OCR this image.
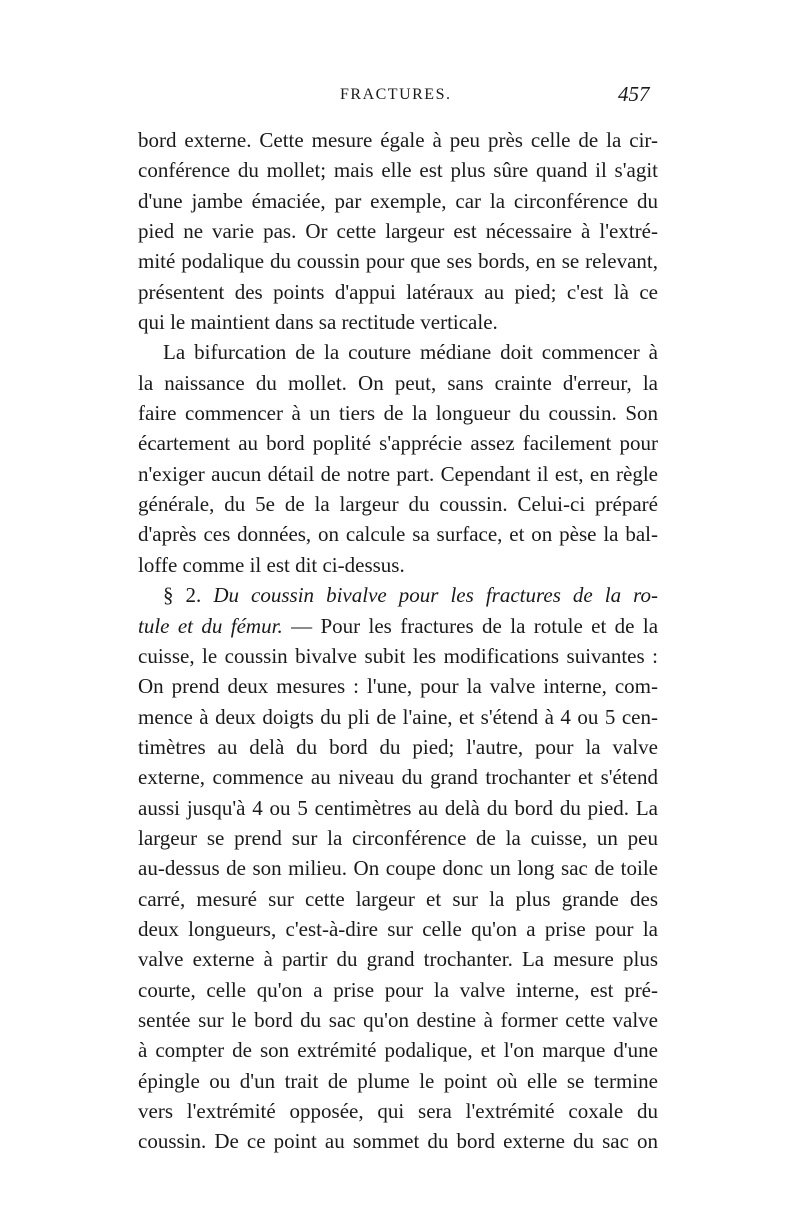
FRACTURES.	457
bord externe. Cette mesure égale à peu près celle de la cir-
conférence du mollet; mais elle est plus sûre quand il s'agit
d'une jambe émaciée, par exemple, car la circonférence du
pied ne varie pas. Or cette largeur est nécessaire à l'extré-
mité podalique du coussin pour que ses bords, en se relevant,
présentent des points d'appui latéraux au pied; c'est là ce
qui le maintient dans sa rectitude verticale.
La bifurcation de la couture médiane doit commencer à
la naissance du mollet. On peut, sans crainte d'erreur, la
faire commencer à un tiers de la longueur du coussin. Son
écartement au bord poplité s'apprécie assez facilement pour
n'exiger aucun détail de notre part. Cependant il est, en règle
générale, du 5e de la largeur du coussin. Celui-ci préparé
d'après ces données, on calcule sa surface, et on pèse la bal-
loffe comme il est dit ci-dessus.
§ 2. Du coussin bivalve pour les fractures de la ro-
tule et du fémur. — Pour les fractures de la rotule et de la
cuisse, le coussin bivalve subit les modifications suivantes :
On prend deux mesures : l'une, pour la valve interne, com-
mence à deux doigts du pli de l'aine, et s'étend à 4 ou 5 cen-
timètres au delà du bord du pied; l'autre, pour la valve
externe, commence au niveau du grand trochanter et s'étend
aussi jusqu'à 4 ou 5 centimètres au delà du bord du pied. La
largeur se prend sur la circonférence de la cuisse, un peu
au-dessus de son milieu. On coupe donc un long sac de toile
carré, mesuré sur cette largeur et sur la plus grande des
deux longueurs, c'est-à-dire sur celle qu'on a prise pour la
valve externe à partir du grand trochanter. La mesure plus
courte, celle qu'on a prise pour la valve interne, est pré-
sentée sur le bord du sac qu'on destine à former cette valve
à compter de son extrémité podalique, et l'on marque d'une
épingle ou d'un trait de plume le point où elle se termine
vers l'extrémité opposée, qui sera l'extrémité coxale du
coussin. De ce point au sommet du bord externe du sac on
